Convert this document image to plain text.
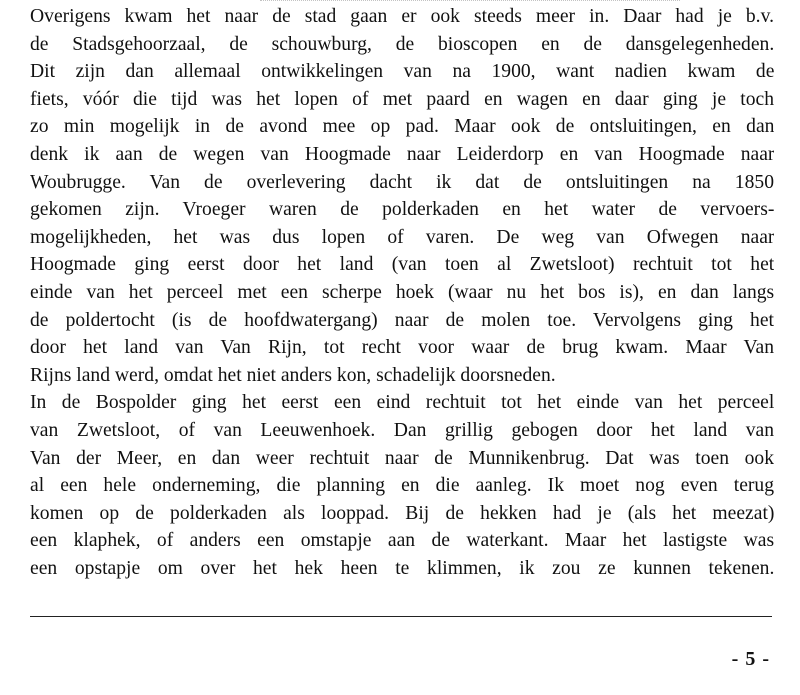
Overigens kwam het naar de stad gaan er ook steeds meer in. Daar had je b.v.
de Stadsgehoorzaal, de schouwburg, de bioscopen en de dansgelegenheden.
Dit zijn dan allemaal ontwikkelingen van na 1900, want nadien kwam de
fiets, vóór die tijd was het lopen of met paard en wagen en daar ging je toch
zo min mogelijk in de avond mee op pad. Maar ook de ontsluitingen, en dan
denk ik aan de wegen van Hoogmade naar Leiderdorp en van Hoogmade naar
Woubrugge. Van de overlevering dacht ik dat de ontsluitingen na 1850
gekomen zijn. Vroeger waren de polderkaden en het water de vervoers-
mogelijkheden, het was dus lopen of varen. De weg van Ofwegen naar
Hoogmade ging eerst door het land (van toen al Zwetsloot) rechtuit tot het
einde van het perceel met een scherpe hoek (waar nu het bos is), en dan langs
de poldertocht (is de hoofdwatergang) naar de molen toe. Vervolgens ging het
door het land van Van Rijn, tot recht voor waar de brug kwam. Maar Van
Rijns land werd, omdat het niet anders kon, schadelijk doorsneden.
In de Bospolder ging het eerst een eind rechtuit tot het einde van het perceel
van Zwetsloot, of van Leeuwenhoek. Dan grillig gebogen door het land van
Van der Meer, en dan weer rechtuit naar de Munnikenbrug. Dat was toen ook
al een hele onderneming, die planning en die aanleg. Ik moet nog even terug
komen op de polderkaden als looppad. Bij de hekken had je (als het meezat)
een klaphek, of anders een omstapje aan de waterkant. Maar het lastigste was
een opstapje om over het hek heen te klimmen, ik zou ze kunnen tekenen.
- 5 -
